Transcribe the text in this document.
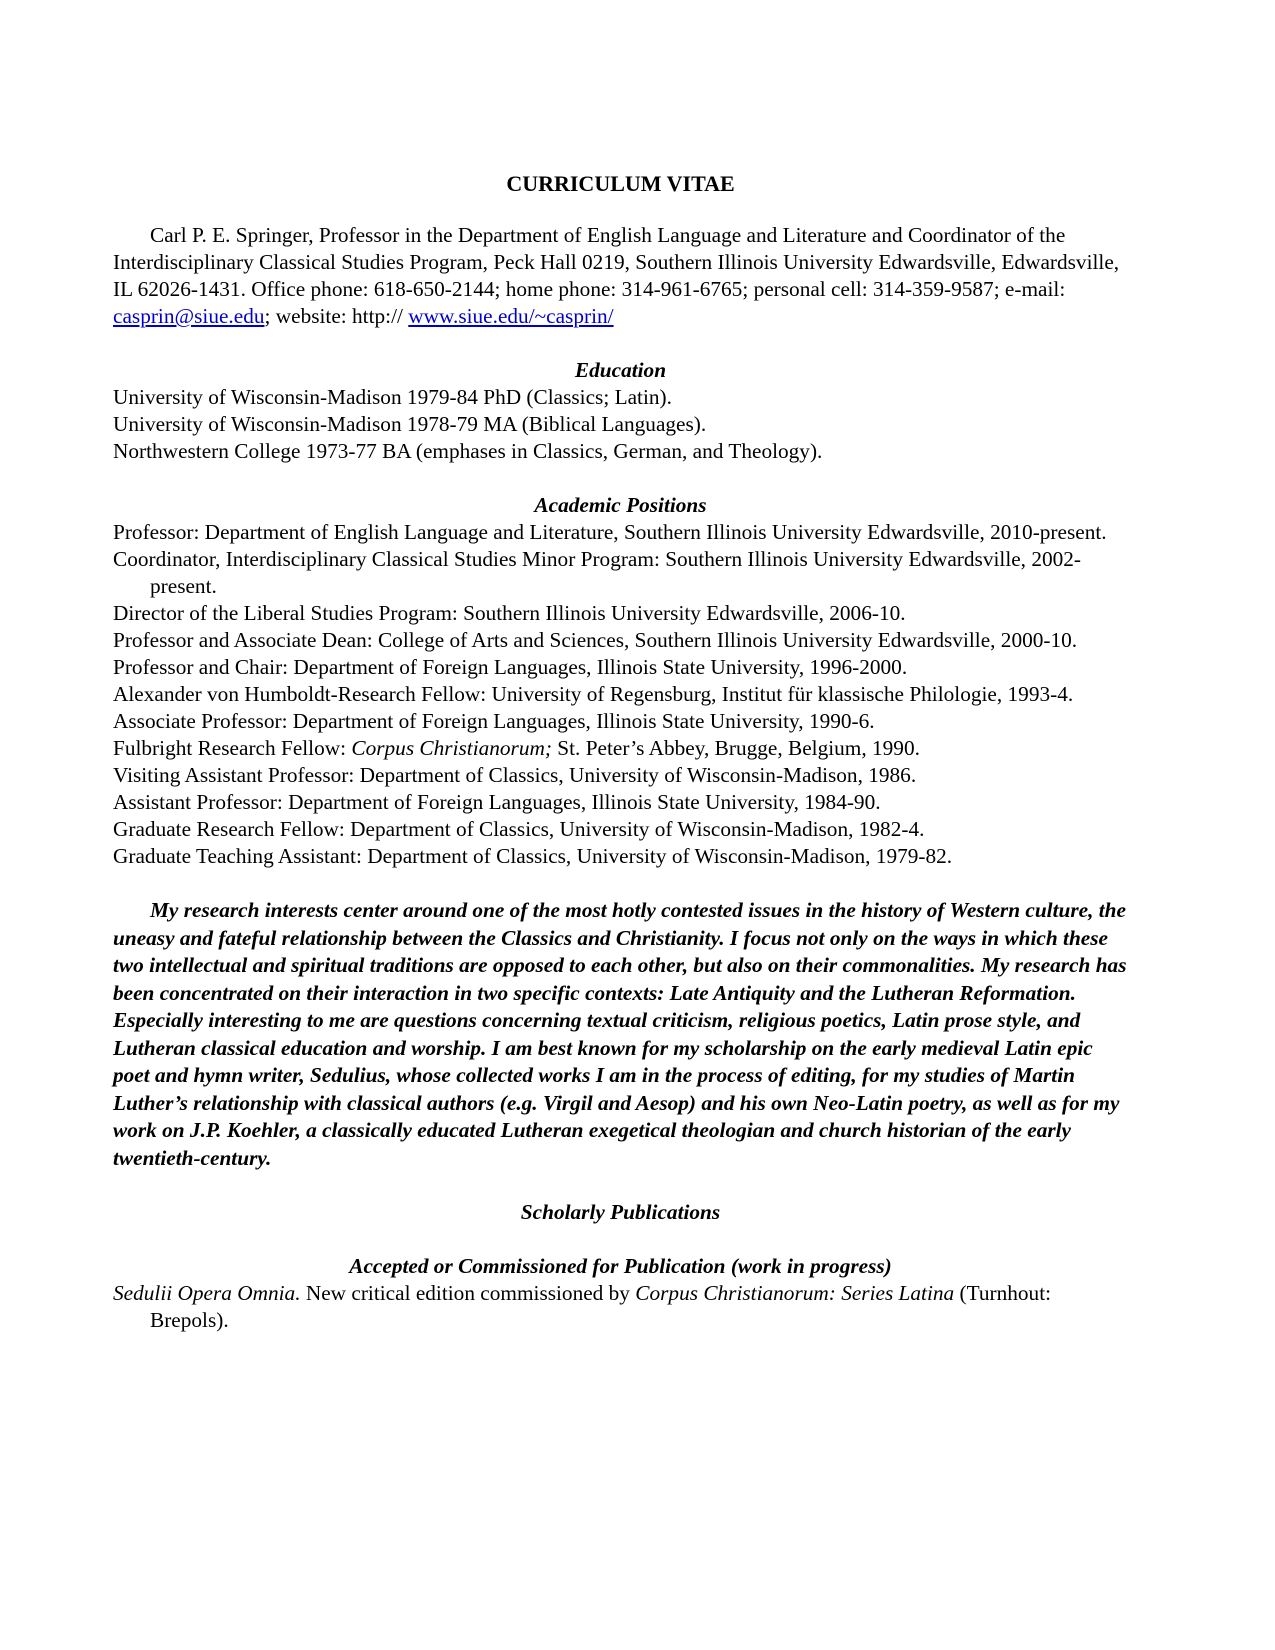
CURRICULUM VITAE

Carl P. E. Springer, Professor in the Department of English Language and Literature and Coordinator of the Interdisciplinary Classical Studies Program, Peck Hall 0219, Southern Illinois University Edwardsville, Edwardsville, IL 62026-1431. Office phone: 618-650-2144; home phone: 314-961-6765; personal cell: 314-359-9587; e-mail: casprin@siue.edu; website: http:// www.siue.edu/~casprin/

Education
University of Wisconsin-Madison 1979-84 PhD (Classics; Latin).
University of Wisconsin-Madison 1978-79 MA (Biblical Languages).
Northwestern College 1973-77 BA (emphases in Classics, German, and Theology).
Academic Positions
Professor: Department of English Language and Literature, Southern Illinois University Edwardsville, 2010-present.
Coordinator, Interdisciplinary Classical Studies Minor Program: Southern Illinois University Edwardsville, 2002-present.
Director of the Liberal Studies Program: Southern Illinois University Edwardsville, 2006-10.
Professor and Associate Dean: College of Arts and Sciences, Southern Illinois University Edwardsville, 2000-10.
Professor and Chair: Department of Foreign Languages, Illinois State University, 1996-2000.
Alexander von Humboldt-Research Fellow: University of Regensburg, Institut für klassische Philologie, 1993-4.
Associate Professor: Department of Foreign Languages, Illinois State University, 1990-6.
Fulbright Research Fellow: Corpus Christianorum; St. Peter’s Abbey, Brugge, Belgium, 1990.
Visiting Assistant Professor: Department of Classics, University of Wisconsin-Madison, 1986.
Assistant Professor: Department of Foreign Languages, Illinois State University, 1984-90.
Graduate Research Fellow: Department of Classics, University of Wisconsin-Madison, 1982-4.
Graduate Teaching Assistant: Department of Classics, University of Wisconsin-Madison, 1979-82.

My research interests center around one of the most hotly contested issues in the history of Western culture, the uneasy and fateful relationship between the Classics and Christianity. I focus not only on the ways in which these two intellectual and spiritual traditions are opposed to each other, but also on their commonalities. My research has been concentrated on their interaction in two specific contexts: Late Antiquity and the Lutheran Reformation. Especially interesting to me are questions concerning textual criticism, religious poetics, Latin prose style, and Lutheran classical education and worship. I am best known for my scholarship on the early medieval Latin epic poet and hymn writer, Sedulius, whose collected works I am in the process of editing, for my studies of Martin Luther’s relationship with classical authors (e.g. Virgil and Aesop) and his own Neo-Latin poetry, as well as for my work on J.P. Koehler, a classically educated Lutheran exegetical theologian and church historian of the early twentieth-century.

Scholarly Publications
Accepted or Commissioned for Publication (work in progress)
Sedulii Opera Omnia. New critical edition commissioned by Corpus Christianorum: Series Latina (Turnhout: Brepols).
